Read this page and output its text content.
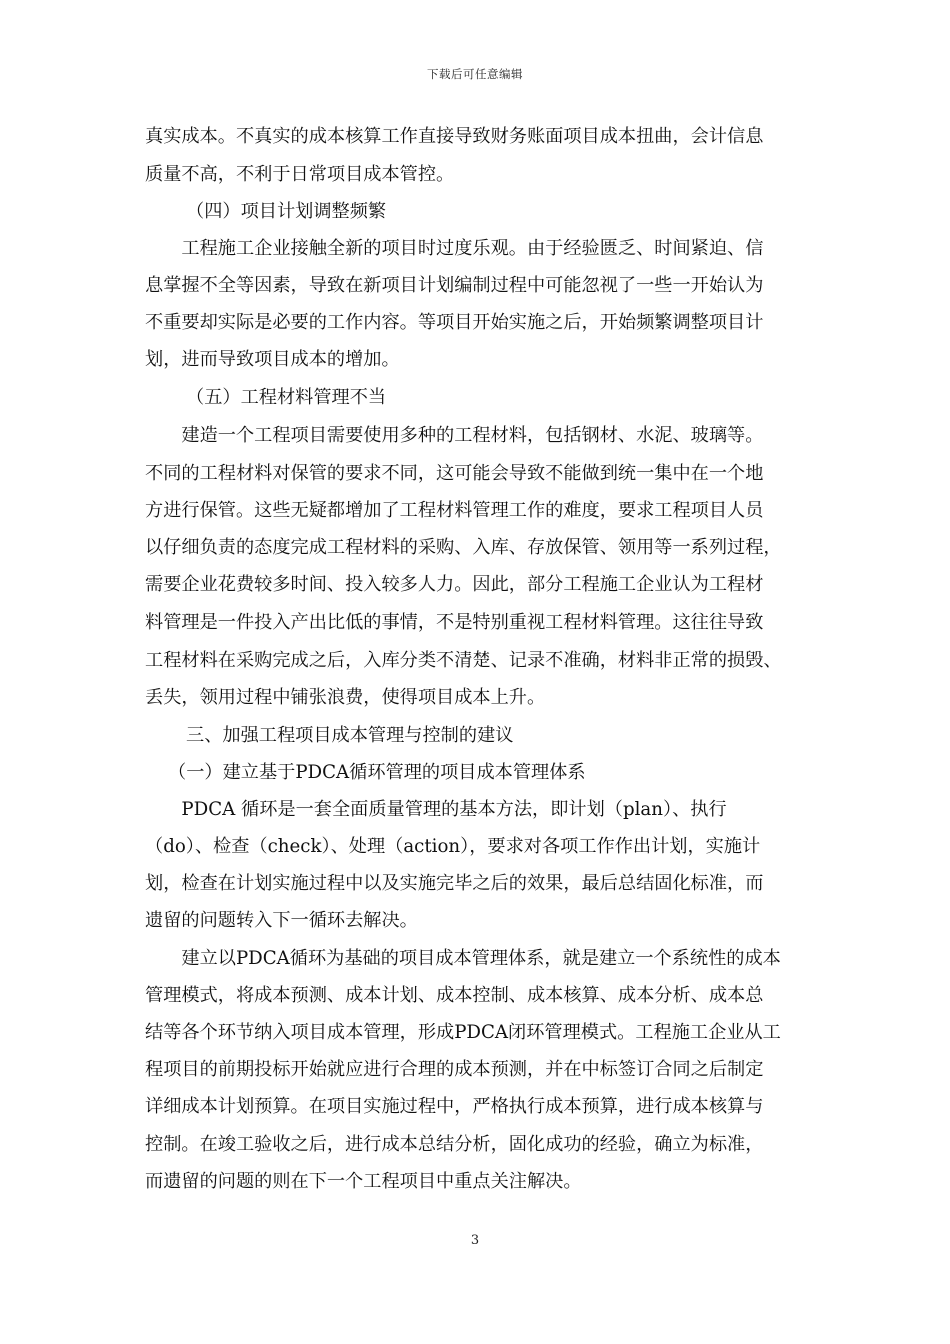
下载后可任意编辑
真实成本。不真实的成本核算工作直接导致财务账面项目成本扭曲，会计信息
质量不高，不利于日常项目成本管控。
（四）项目计划调整频繁
　　工程施工企业接触全新的项目时过度乐观。由于经验匮乏、时间紧迫、信
息掌握不全等因素，导致在新项目计划编制过程中可能忽视了一些一开始认为
不重要却实际是必要的工作内容。等项目开始实施之后，开始频繁调整项目计
划，进而导致项目成本的增加。
（五）工程材料管理不当
　　建造一个工程项目需要使用多种的工程材料，包括钢材、水泥、玻璃等。
不同的工程材料对保管的要求不同，这可能会导致不能做到统一集中在一个地
方进行保管。这些无疑都增加了工程材料管理工作的难度，要求工程项目人员
以仔细负责的态度完成工程材料的采购、入库、存放保管、领用等一系列过程，
需要企业花费较多时间、投入较多人力。因此，部分工程施工企业认为工程材
料管理是一件投入产出比低的事情，不是特别重视工程材料管理。这往往导致
工程材料在采购完成之后，入库分类不清楚、记录不准确，材料非正常的损毁、
丢失，领用过程中铺张浪费，使得项目成本上升。
三、加强工程项目成本管理与控制的建议
（一）建立基于PDCA循环管理的项目成本管理体系
　　PDCA 循环是一套全面质量管理的基本方法，即计划（plan）、执行
（do）、检查（check）、处理（action），要求对各项工作作出计划，实施计
划，检查在计划实施过程中以及实施完毕之后的效果，最后总结固化标准，而
遗留的问题转入下一循环去解决。
　　建立以PDCA循环为基础的项目成本管理体系，就是建立一个系统性的成本
管理模式，将成本预测、成本计划、成本控制、成本核算、成本分析、成本总
结等各个环节纳入项目成本管理，形成PDCA闭环管理模式。工程施工企业从工
程项目的前期投标开始就应进行合理的成本预测，并在中标签订合同之后制定
详细成本计划预算。在项目实施过程中，严格执行成本预算，进行成本核算与
控制。在竣工验收之后，进行成本总结分析，固化成功的经验，确立为标准，
而遗留的问题的则在下一个工程项目中重点关注解决。
3
